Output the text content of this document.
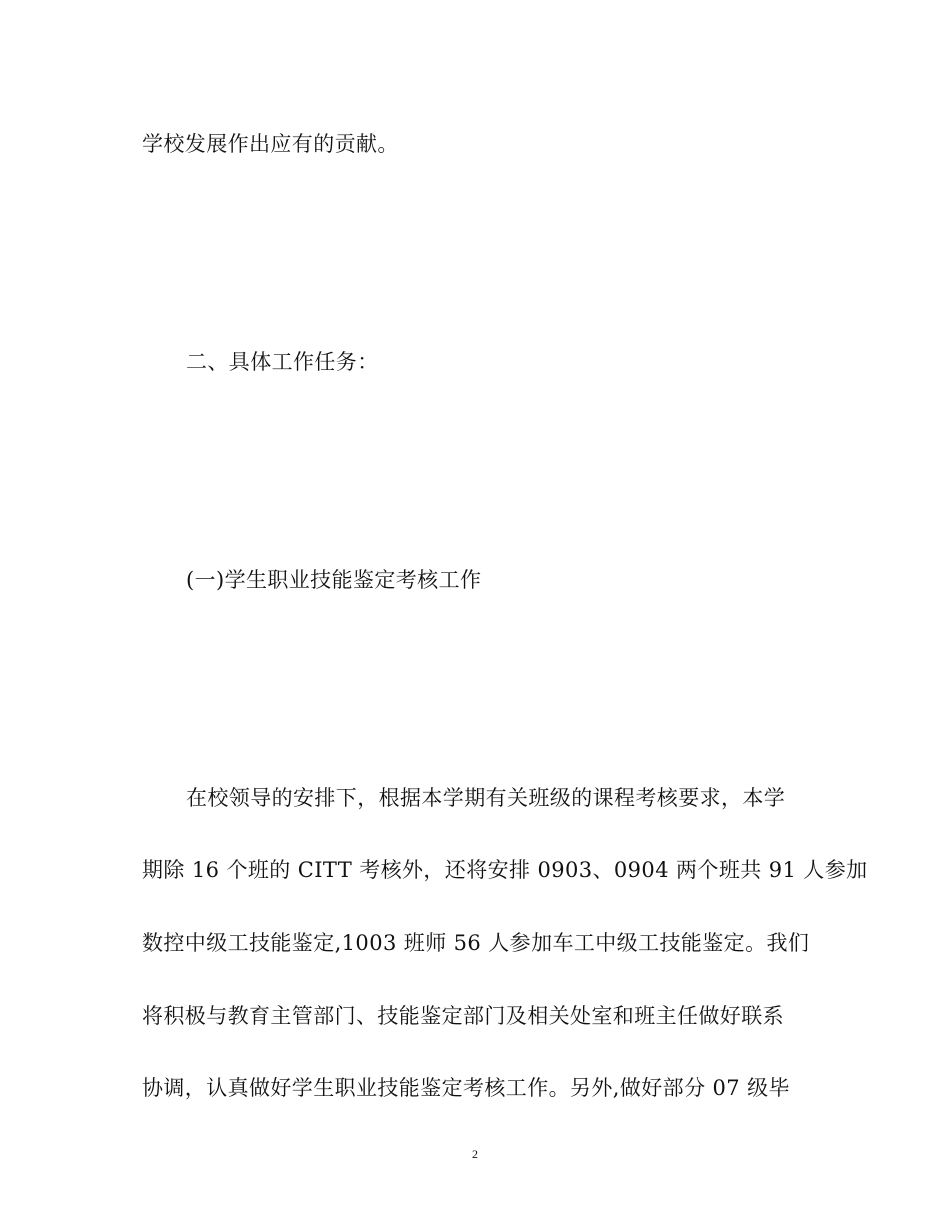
学校发展作出应有的贡献。
二、具体工作任务：
(一)学生职业技能鉴定考核工作
在校领导的安排下，根据本学期有关班级的课程考核要求，本学
期除 16 个班的 CITT 考核外，还将安排 0903、0904 两个班共 91 人参加
数控中级工技能鉴定,1003 班师 56 人参加车工中级工技能鉴定。我们
将积极与教育主管部门、技能鉴定部门及相关处室和班主任做好联系
协调，认真做好学生职业技能鉴定考核工作。另外,做好部分 07 级毕
2
